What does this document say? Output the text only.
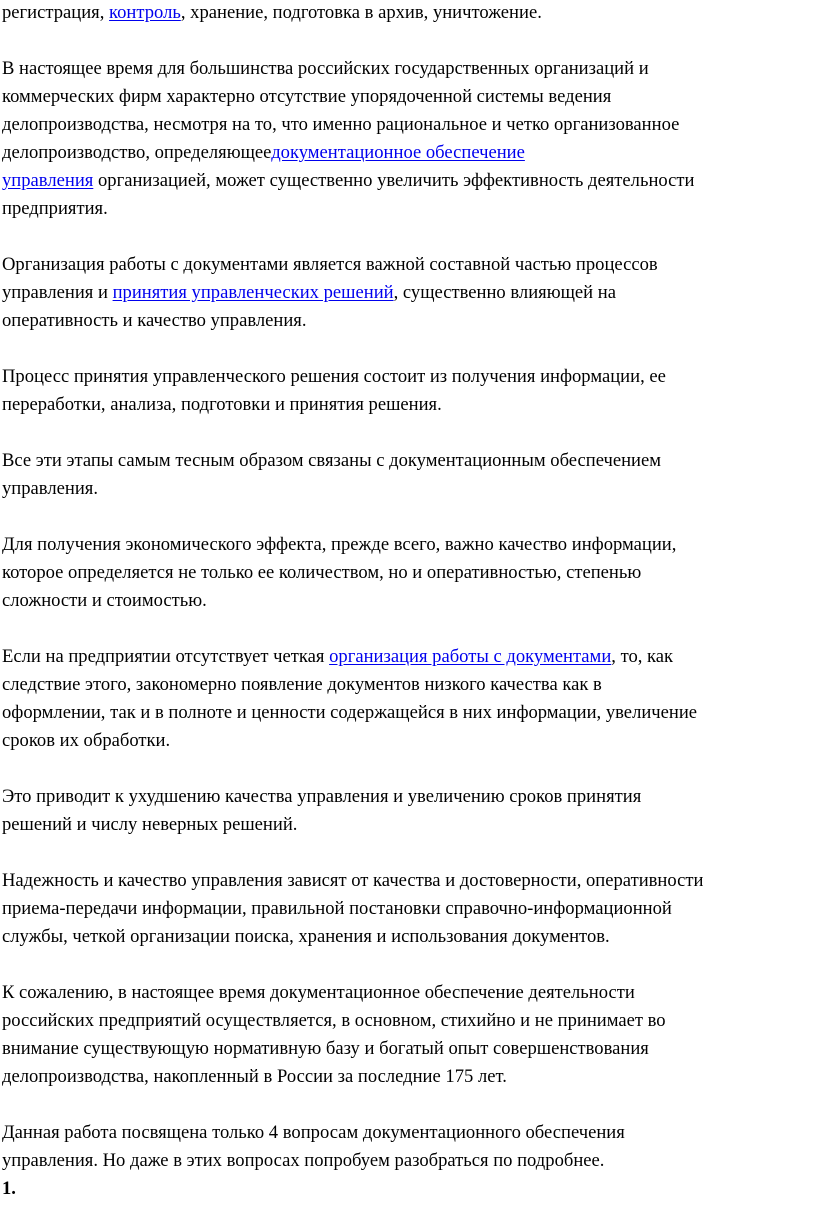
регистрация, контроль, хранение, подготовка в архив, уничтожение.

В настоящее время для большинства российских государственных организаций и
коммерческих фирм характерно отсутствие упорядоченной системы ведения
делопроизводства, несмотря на то, что именно рациональное и четко организованное
делопроизводство, определяющеедокументационное обеспечение
управления организацией, может существенно увеличить эффективность деятельности
предприятия.

Организация работы с документами является важной составной частью процессов
управления и принятия управленческих решений, существенно влияющей на
оперативность и качество управления.

Процесс принятия управленческого решения состоит из получения информации, ее
переработки, анализа, подготовки и принятия решения.

Все эти этапы самым тесным образом связаны с документационным обеспечением
управления.

Для получения экономического эффекта, прежде всего, важно качество информации,
которое определяется не только ее количеством, но и оперативностью, степенью
сложности и стоимостью.

Если на предприятии отсутствует четкая организация работы с документами, то, как
следствие этого, закономерно появление документов низкого качества как в
оформлении, так и в полноте и ценности содержащейся в них информации, увеличение
сроков их обработки.

Это приводит к ухудшению качества управления и увеличению сроков принятия
решений и числу неверных решений.

Надежность и качество управления зависят от качества и достоверности, оперативности
приема-передачи информации, правильной постановки справочно-информационной
службы, четкой организации поиска, хранения и использования документов.

К сожалению, в настоящее время документационное обеспечение деятельности
российских предприятий осуществляется, в основном, стихийно и не принимает во
внимание существующую нормативную базу и богатый опыт совершенствования
делопроизводства, накопленный в России за последние 175 лет.

Данная работа посвящена только 4 вопросам документационного обеспечения
управления. Но даже в этих вопросах попробуем разобраться по подробнее.

1.
